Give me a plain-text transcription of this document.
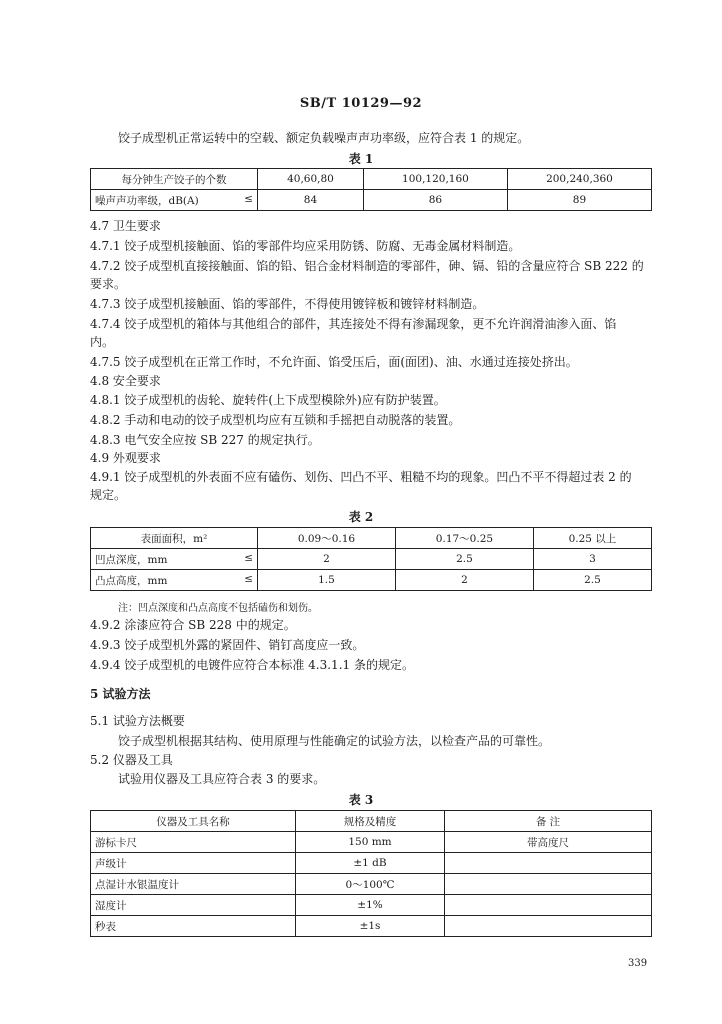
SB/T 10129—92
饺子成型机正常运转中的空载、额定负载噪声声功率级，应符合表 1 的规定。
表 1
每分钟生产饺子的个数	40,60,80	100,120,160	200,240,360

噪声声功率级，dB(A) ≤	84	86	89
4.7 卫生要求
4.7.1 饺子成型机接触面、馅的零部件均应采用防锈、防腐、无毒金属材料制造。
4.7.2 饺子成型机直接接触面、馅的铅、铝合金材料制造的零部件，砷、镉、铅的含量应符合 SB 222 的
要求。
4.7.3 饺子成型机接触面、馅的零部件，不得使用镀锌板和镀锌材料制造。
4.7.4 饺子成型机的箱体与其他组合的部件，其连接处不得有渗漏现象，更不允许润滑油渗入面、馅
内。
4.7.5 饺子成型机在正常工作时，不允许面、馅受压后，面(面团)、油、水通过连接处挤出。
4.8 安全要求
4.8.1 饺子成型机的齿轮、旋转件(上下成型模除外)应有防护装置。
4.8.2 手动和电动的饺子成型机均应有互锁和手摇把自动脱落的装置。
4.8.3 电气安全应按 SB 227 的规定执行。
4.9 外观要求
4.9.1 饺子成型机的外表面不应有磕伤、划伤、凹凸不平、粗糙不均的现象。凹凸不平不得超过表 2 的
规定。
表 2
表面面积，m²	0.09～0.16	0.17～0.25	0.25 以上

凹点深度，mm ≤	2	2.5	3

凸点高度，mm ≤	1.5	2	2.5
注：凹点深度和凸点高度不包括磕伤和划伤。
4.9.2 涂漆应符合 SB 228 中的规定。
4.9.3 饺子成型机外露的紧固件、销钉高度应一致。
4.9.4 饺子成型机的电镀件应符合本标准 4.3.1.1 条的规定。
5 试验方法
5.1 试验方法概要
饺子成型机根据其结构、使用原理与性能确定的试验方法，以检查产品的可靠性。
5.2 仪器及工具
试验用仪器及工具应符合表 3 的要求。
表 3
仪器及工具名称	规格及精度	备 注
游标卡尺	150 mm	带高度尺
声级计	±1 dB	
点湿计水银温度计	0～100℃	
湿度计	±1%	
秒表	±1s	
339
